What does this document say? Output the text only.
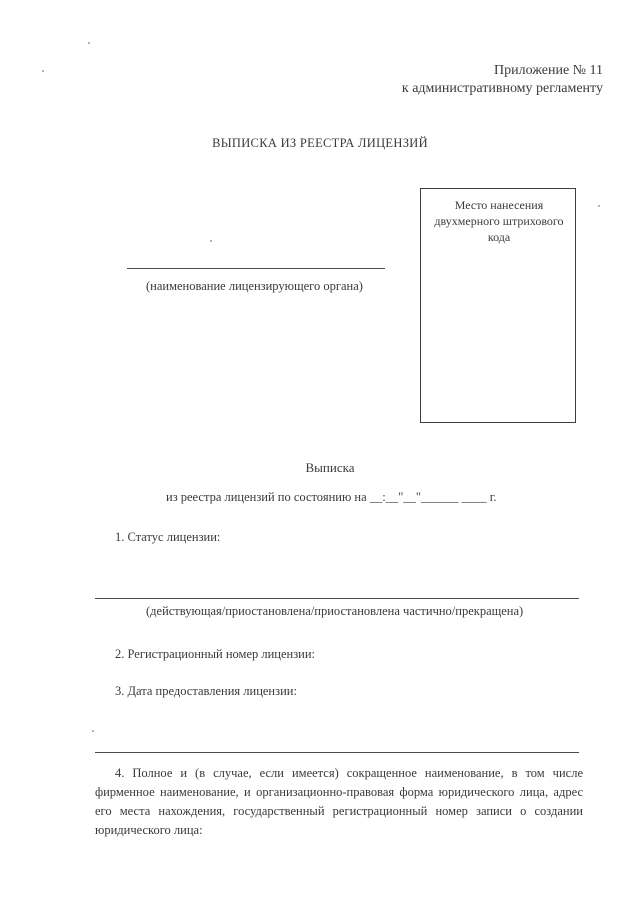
Приложение № 11
к административному регламенту
ВЫПИСКА ИЗ РЕЕСТРА ЛИЦЕНЗИЙ
(наименование лицензирующего органа)
Место нанесения двухмерного штрихового кода
Выписка
из реестра лицензий по состоянию на __:__"__"______ ____ г.
1. Статус лицензии:
(действующая/приостановлена/приостановлена частично/прекращена)
2. Регистрационный номер лицензии:
3. Дата предоставления лицензии:
4. Полное и (в случае, если имеется) сокращенное наименование, в том числе фирменное наименование, и организационно-правовая форма юридического лица, адрес его места нахождения, государственный регистрационный номер записи о создании юридического лица:
